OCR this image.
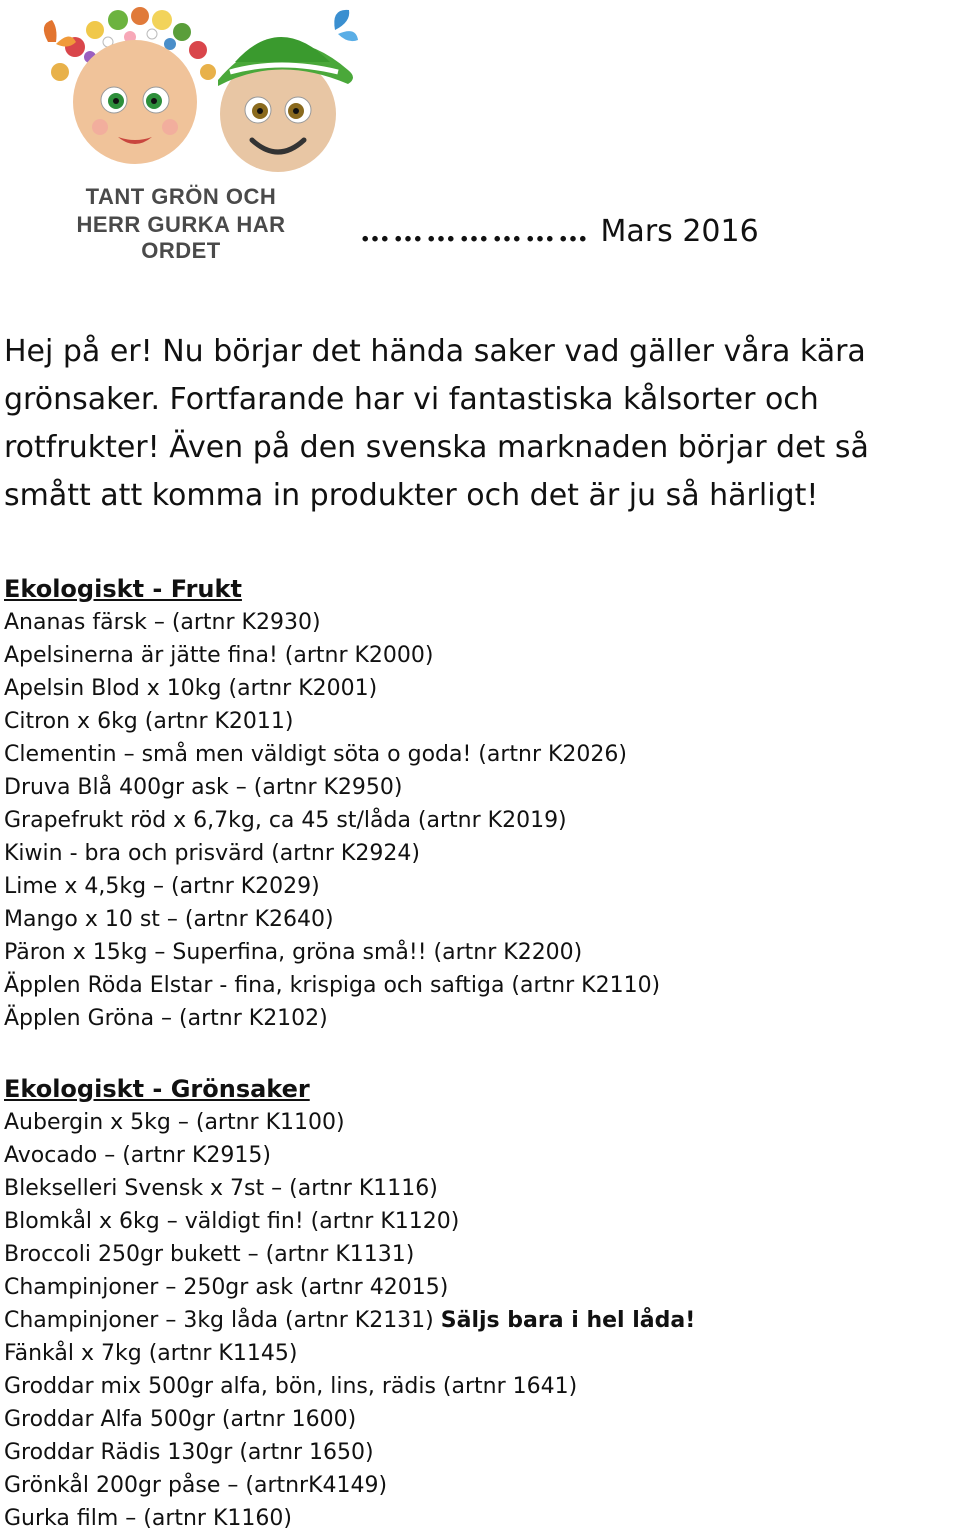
TANT GRÖN OCH
HERR GURKA HAR ORDET
………………… Mars 2016
Hej på er! Nu börjar det hända saker vad gäller våra kära grönsaker. Fortfarande har vi fantastiska kålsorter och rotfrukter! Även på den svenska marknaden börjar det så smått att komma in produkter och det är ju så härligt!
Ekologiskt - Frukt
Ananas färsk – (artnr K2930)
Apelsinerna är jätte fina! (artnr K2000)
Apelsin Blod x 10kg (artnr K2001)
Citron x 6kg (artnr K2011)
Clementin – små men väldigt söta o goda! (artnr K2026)
Druva Blå 400gr ask – (artnr K2950)
Grapefrukt röd x 6,7kg, ca 45 st/låda (artnr K2019)
Kiwin - bra och prisvärd (artnr K2924)
Lime x 4,5kg – (artnr K2029)
Mango x 10 st – (artnr K2640)
Päron x 15kg – Superfina, gröna små!! (artnr K2200)
Äpplen Röda Elstar - fina, krispiga och saftiga (artnr K2110)
Äpplen Gröna – (artnr K2102)
Ekologiskt - Grönsaker
Aubergin x 5kg – (artnr K1100)
Avocado – (artnr K2915)
Blekselleri Svensk x 7st – (artnr K1116)
Blomkål x 6kg – väldigt fin! (artnr K1120)
Broccoli 250gr bukett – (artnr K1131)
Champinjoner – 250gr ask (artnr 42015)
Champinjoner – 3kg låda (artnr K2131) Säljs bara i hel låda!
Fänkål x 7kg (artnr K1145)
Groddar mix 500gr alfa, bön, lins, rädis (artnr 1641)
Groddar Alfa 500gr (artnr 1600)
Groddar Rädis 130gr (artnr 1650)
Grönkål 200gr påse – (artnrK4149)
Gurka film – (artnr K1160)
